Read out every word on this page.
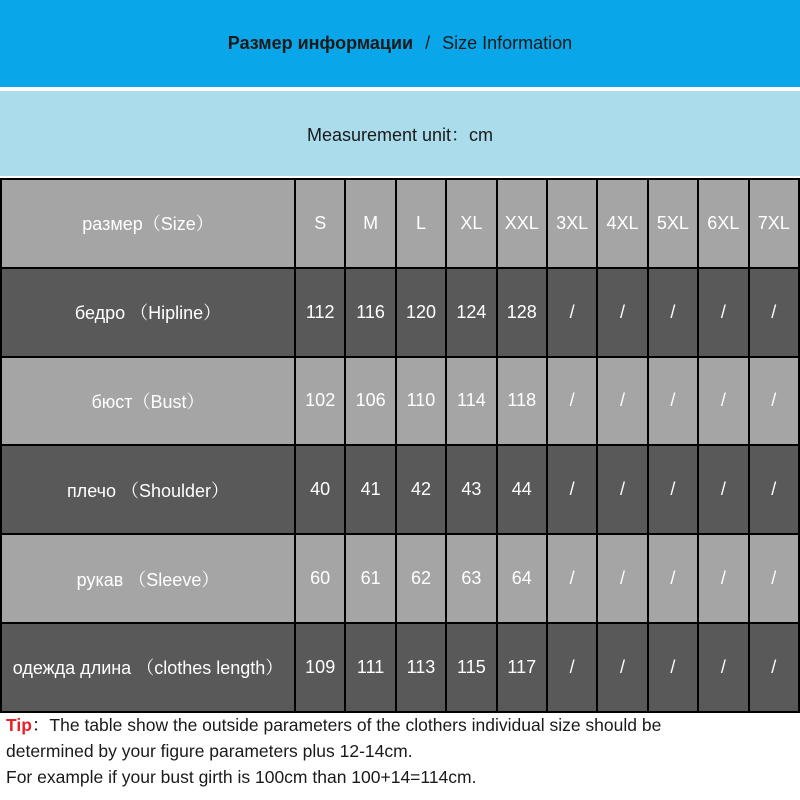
Размер информации / Size Information
Measurement unit：cm
размер（Size）	S	M	L	XL	XXL	3XL	4XL	5XL	6XL	7XL
бедро （Hipline）	112	116	120	124	128	/	/	/	/	/
бюст（Bust）	102	106	110	114	118	/	/	/	/	/
плечо （Shoulder）	40	41	42	43	44	/	/	/	/	/
рукав （Sleeve）	60	61	62	63	64	/	/	/	/	/
одежда длина （clothes length）	109	111	113	115	117	/	/	/	/	/
Tip：The table show the outside parameters of the clothers individual size should be
determined by your figure parameters plus 12-14cm.
For example if your bust girth is 100cm than 100+14=114cm.
